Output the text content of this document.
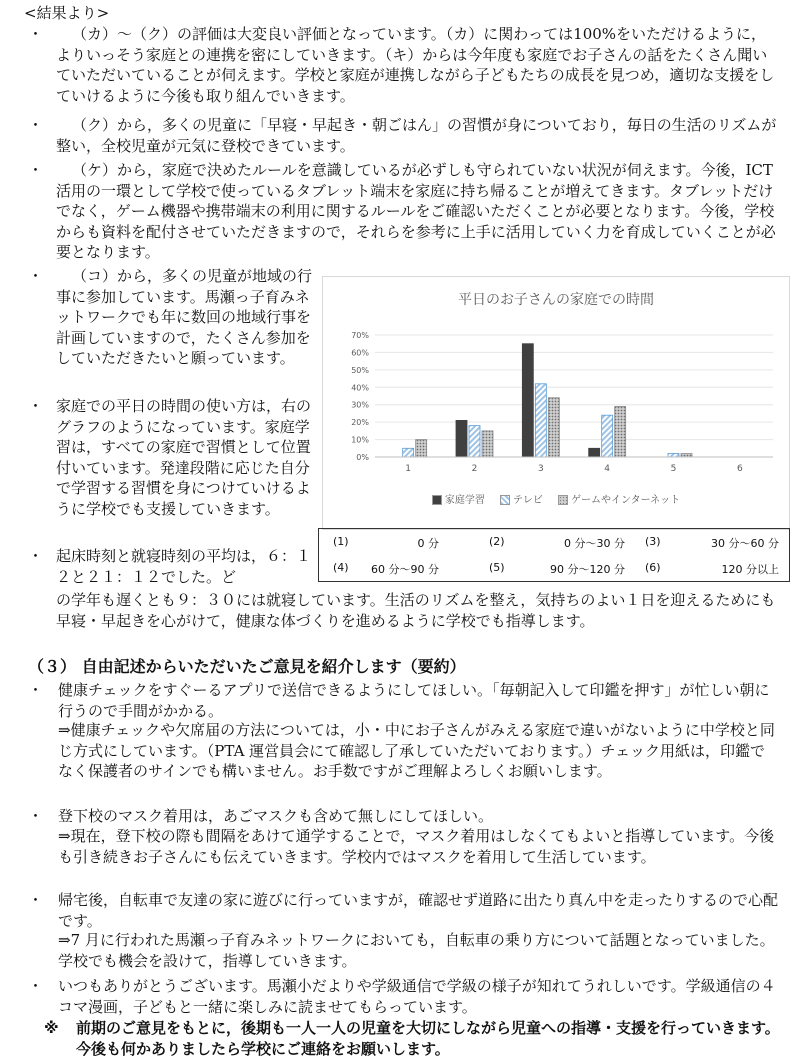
<結果より>
・	（カ）～（ク）の評価は大変良い評価となっています。（カ）に関わっては100%をいただけるように，よりいっそう家庭との連携を密にしていきます。（キ）からは今年度も家庭でお子さんの話をたくさん聞いていただいていることが伺えます。学校と家庭が連携しながら子どもたちの成長を見つめ，適切な支援をしていけるように今後も取り組んでいきます。

・	（ク）から，多くの児童に「早寝・早起き・朝ごはん」の習慣が身についており，毎日の生活のリズムが整い，全校児童が元気に登校できています。

・	（ケ）から，家庭で決めたルールを意識しているが必ずしも守られていない状況が伺えます。今後，ICT 活用の一環として学校で使っているタブレット端末を家庭に持ち帰ることが増えてきます。タブレットだけでなく，ゲーム機器や携帯端末の利用に関するルールをご確認いただくことが必要となります。今後，学校からも資料を配付させていただきますので，それらを参考に上手に活用していく力を育成していくことが必要となります。

・	（コ）から，多くの児童が地域の行事に参加しています。馬瀬っ子育みネットワークでも年に数回の地域行事を計画していますので，たくさん参加をしていただきたいと願っています。

・ 家庭での平日の時間の使い方は，右のグラフのようになっています。家庭学習は，すべての家庭で習慣として位置付いています。発達段階に応じた自分で学習する習慣を身につけていけるように学校でも支援していきます。

・ 起床時刻と就寝時刻の平均は，６：１２と２１：１２でした。ど

の学年も遅くとも９：３０には就寝しています。生活のリズムを整え，気持ちのよい１日を迎えるためにも早寝・早起きを心がけて，健康な体づくりを進めるように学校でも指導します。

平日のお子さんの家庭での時間
0%
10%
20%
30%
40%
50%
60%
70%
1	2	3	4	5	6
家庭学習	テレビ	ゲームやインターネット
(1)	0 分	(2)	0 分～30 分 (3)	30 分～60 分
(4)	60 分～90 分	(5)	90 分～120 分 (6)	120 分以上
（３） 自由記述からいただいたご意見を紹介します（要約）
・ 健康チェックをすぐーるアプリで送信できるようにしてほしい。「毎朝記入して印鑑を押す」が忙しい朝に行うので手間がかかる。

⇒健康チェックや欠席届の方法については，小・中にお子さんがみえる家庭で違いがないように中学校と同じ方式にしています。（PTA 運営員会にて確認し了承していただいております。）チェック用紙は，印鑑でなく保護者のサインでも構いません。お手数ですがご理解よろしくお願いします。

・ 登下校のマスク着用は，あごマスクも含めて無しにしてほしい。

⇒現在，登下校の際も間隔をあけて通学することで，マスク着用はしなくてもよいと指導しています。今後も引き続きお子さんにも伝えていきます。学校内ではマスクを着用して生活しています。

・ 帰宅後，自転車で友達の家に遊びに行っていますが，確認せず道路に出たり真ん中を走ったりするので心配です。

⇒7 月に行われた馬瀬っ子育みネットワークにおいても，自転車の乗り方について話題となっていました。学校でも機会を設けて，指導していきます。

・ いつもありがとうございます。馬瀬小だよりや学級通信で学級の様子が知れてうれしいです。学級通信の４コマ漫画，子どもと一緒に楽しみに読ませてもらっています。

※ 前期のご意見をもとに，後期も一人一人の児童を大切にしながら児童への指導・支援を行っていきます。今後も何かありましたら学校にご連絡をお願いします。
